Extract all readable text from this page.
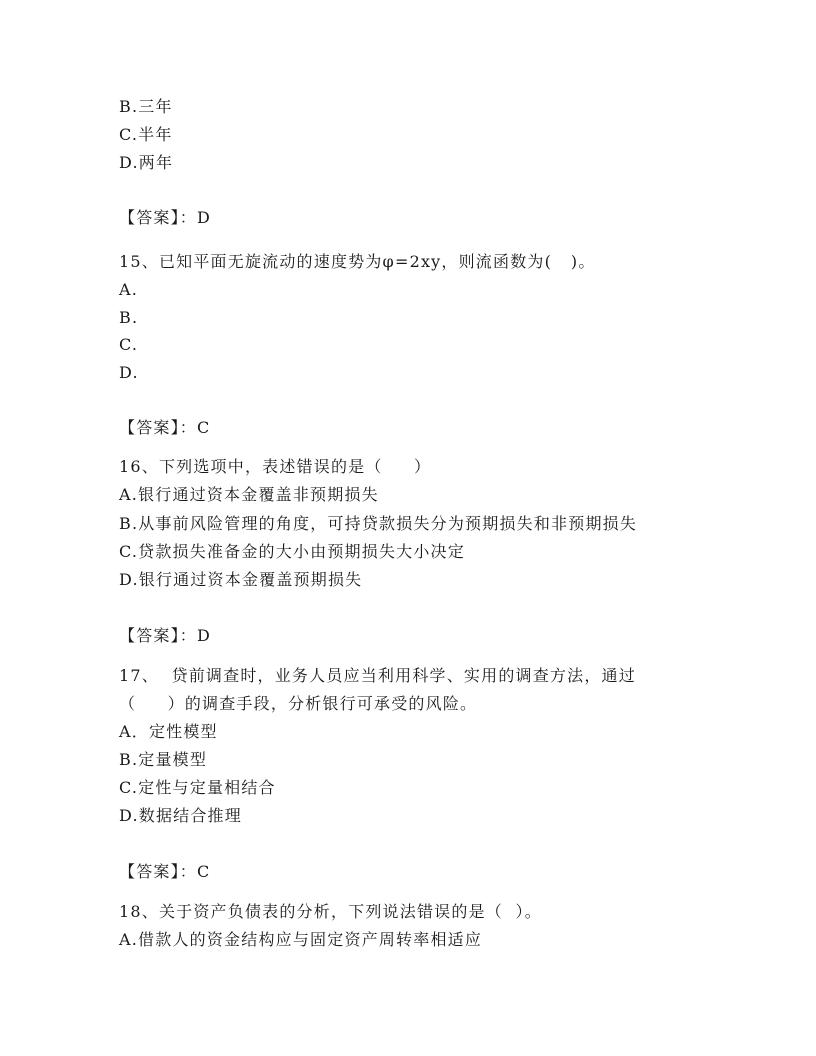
B.三年
C.半年
D.两年
【答案】：D
15、已知平面无旋流动的速度势为φ=2xy，则流函数为(   )。
A.
B.
C.
D.
【答案】：C
16、下列选项中，表述错误的是（     ）
A.银行通过资本金覆盖非预期损失
B.从事前风险管理的角度，可持贷款损失分为预期损失和非预期损失
C.贷款损失准备金的大小由预期损失大小决定
D.银行通过资本金覆盖预期损失
【答案】：D
17、  贷前调查时，业务人员应当利用科学、实用的调查方法，通过
（     ）的调查手段，分析银行可承受的风险。
A．定性模型
B.定量模型
C.定性与定量相结合
D.数据结合推理
【答案】：C
18、关于资产负债表的分析，下列说法错误的是（  ）。
A.借款人的资金结构应与固定资产周转率相适应
